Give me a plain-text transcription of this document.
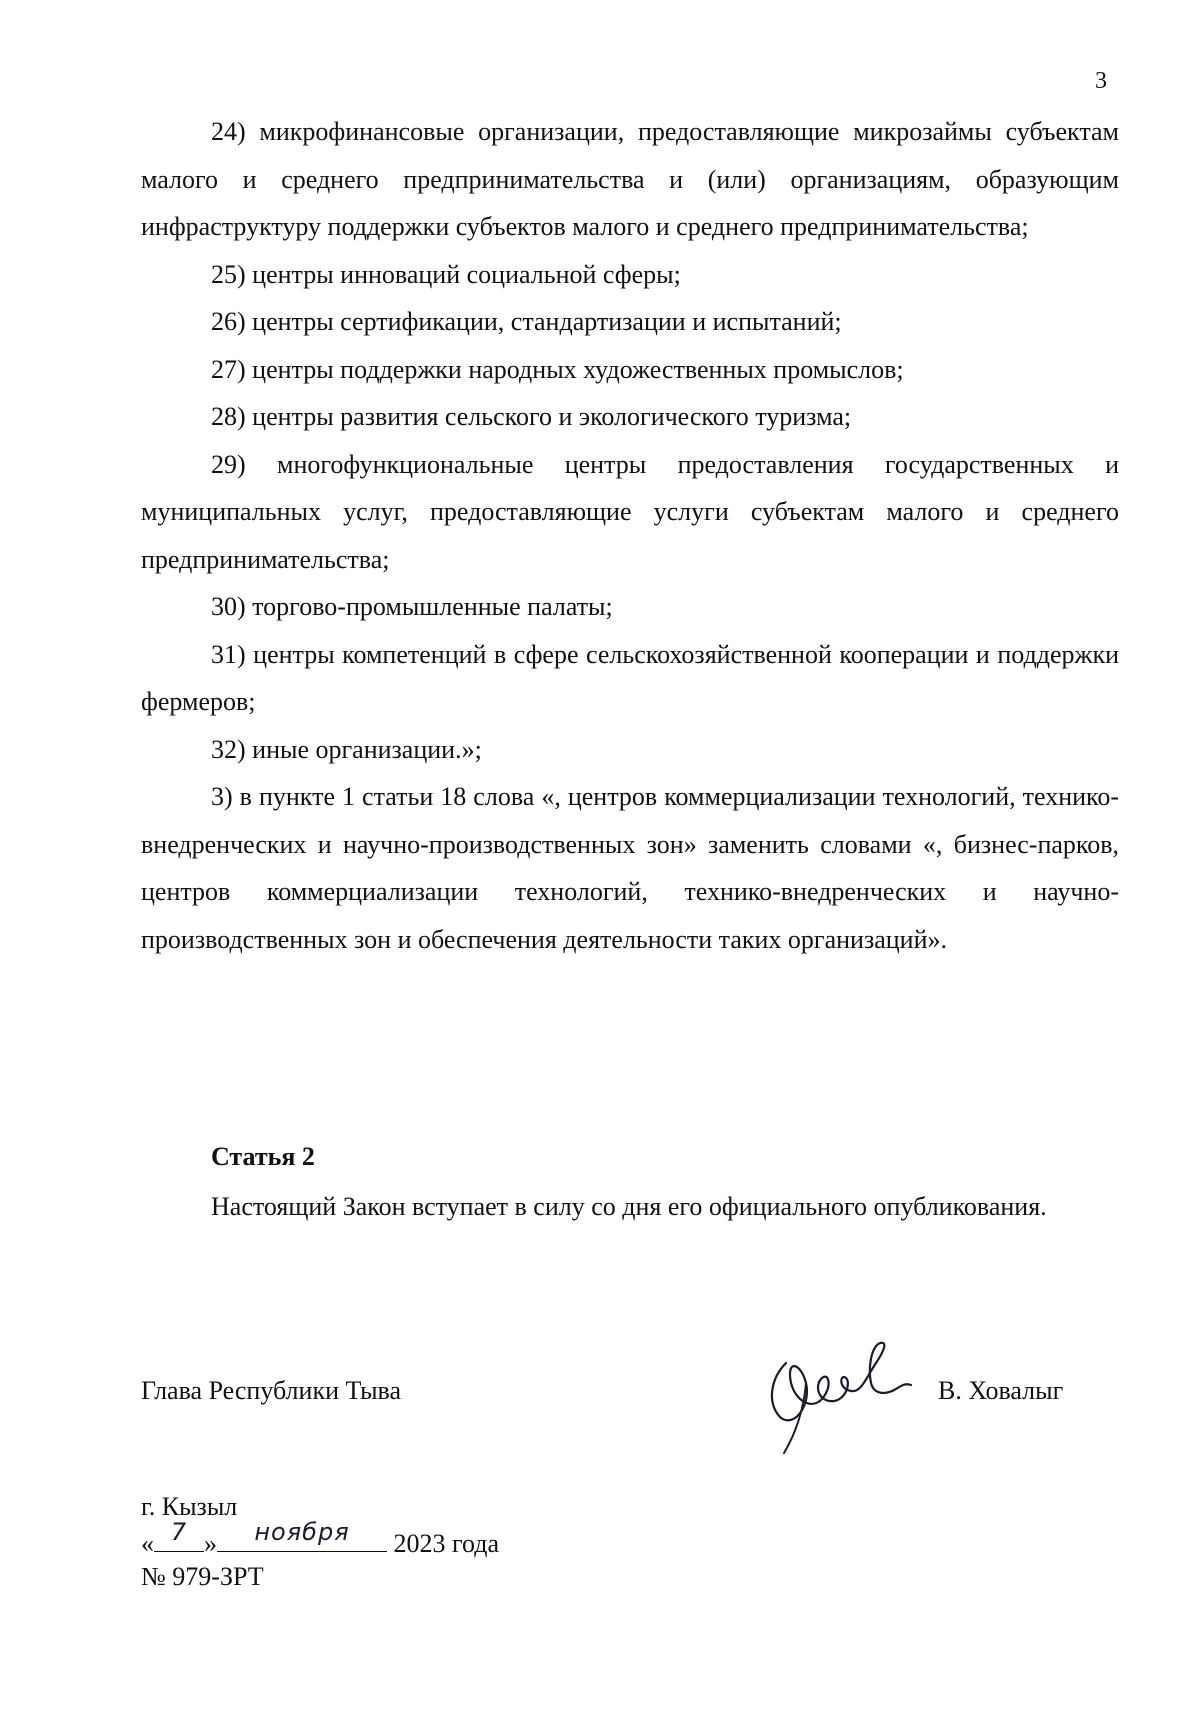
3

24) микрофинансовые организации, предоставляющие микрозаймы субъектам малого и среднего предпринимательства и (или) организациям, образующим инфраструктуру поддержки субъектов малого и среднего предпринимательства;

25) центры инноваций социальной сферы;

26) центры сертификации, стандартизации и испытаний;

27) центры поддержки народных художественных промыслов;

28) центры развития сельского и экологического туризма;

29) многофункциональные центры предоставления государственных и муниципальных услуг, предоставляющие услуги субъектам малого и среднего предпринимательства;

30) торгово-промышленные палаты;

31) центры компетенций в сфере сельскохозяйственной кооперации и поддержки фермеров;

32) иные организации.»;

3) в пункте 1 статьи 18 слова «, центров коммерциализации технологий, технико-внедренческих и научно-производственных зон» заменить словами «, бизнес-парков, центров коммерциализации технологий, технико-внедренческих и научно-производственных зон и обеспечения деятельности таких организаций».

Статья 2

Настоящий Закон вступает в силу со дня его официального опубликования.

Глава Республики Тыва	В. Ховалыг
г. Кызыл
« 7 »	ноября	2023 года
№ 979-ЗРТ
